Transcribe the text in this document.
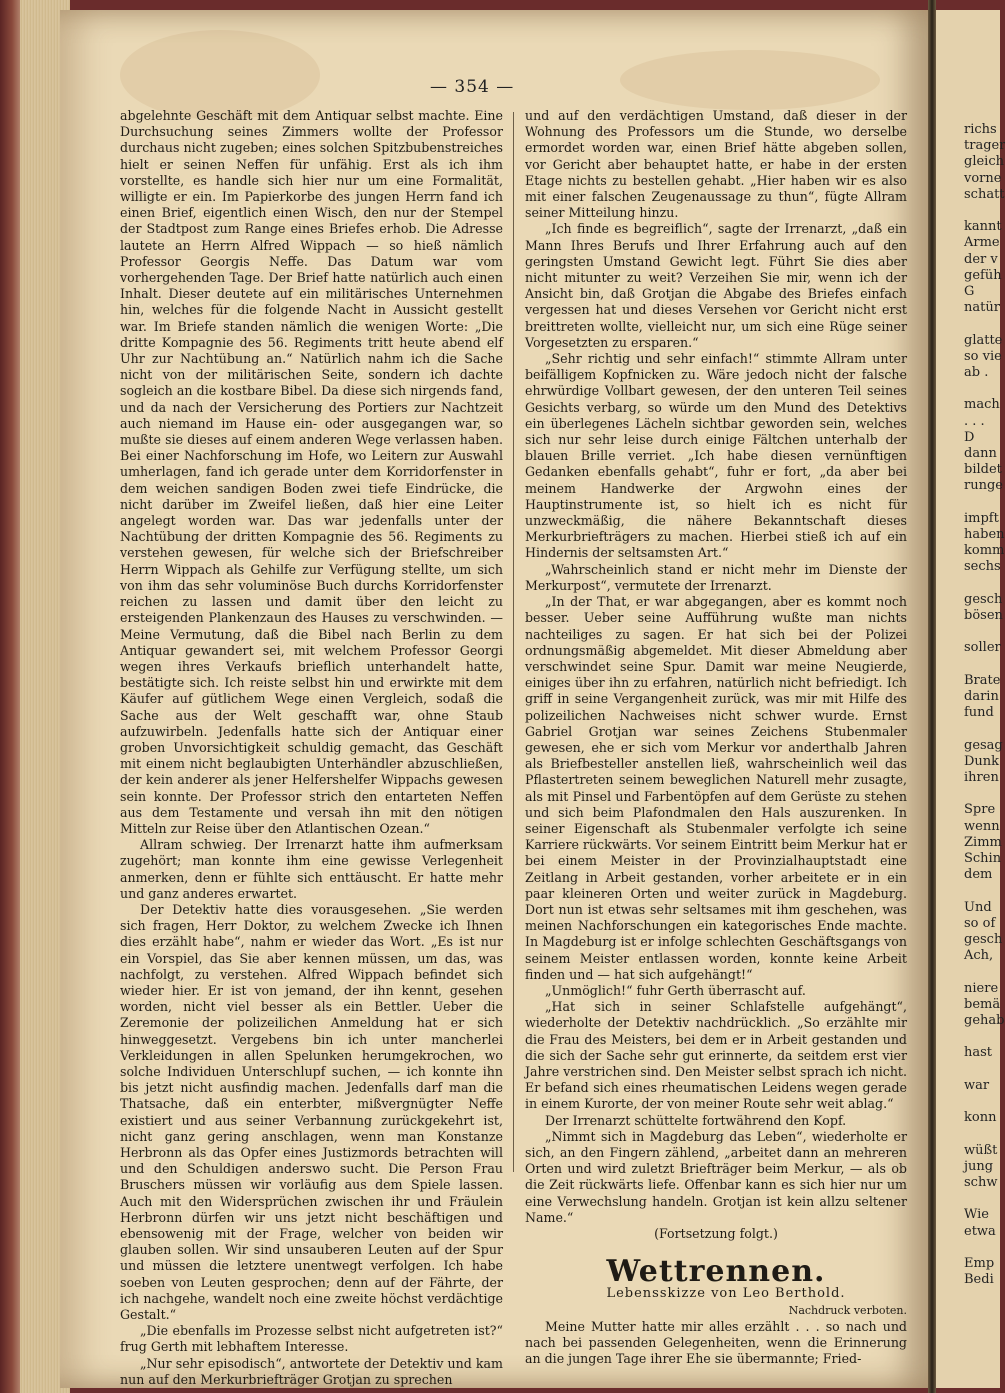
— 354 —

abgelehnte Geschäft mit dem Antiquar selbst machte. Eine Durchsuchung seines Zimmers wollte der Professor durchaus nicht zugeben; eines solchen Spitzbubenstreiches hielt er seinen Neffen für unfähig. Erst als ich ihm vorstellte, es handle sich hier nur um eine Formalität, willigte er ein. Im Papierkorbe des jungen Herrn fand ich einen Brief, eigentlich einen Wisch, den nur der Stempel der Stadtpost zum Range eines Briefes erhob. Die Adresse lautete an Herrn Alfred Wippach — so hieß nämlich Professor Georgis Neffe. Das Datum war vom vorhergehenden Tage. Der Brief hatte natürlich auch einen Inhalt. Dieser deutete auf ein militärisches Unternehmen hin, welches für die folgende Nacht in Aussicht gestellt war. Im Briefe standen nämlich die wenigen Worte: „Die dritte Kompagnie des 56. Regiments tritt heute abend elf Uhr zur Nachtübung an.“ Natürlich nahm ich die Sache nicht von der militärischen Seite, sondern ich dachte sogleich an die kostbare Bibel. Da diese sich nirgends fand, und da nach der Versicherung des Portiers zur Nachtzeit auch niemand im Hause ein- oder ausgegangen war, so mußte sie dieses auf einem anderen Wege verlassen haben. Bei einer Nachforschung im Hofe, wo Leitern zur Auswahl umherlagen, fand ich gerade unter dem Korridorfenster in dem weichen sandigen Boden zwei tiefe Eindrücke, die nicht darüber im Zweifel ließen, daß hier eine Leiter angelegt worden war. Das war jedenfalls unter der Nachtübung der dritten Kompagnie des 56. Regiments zu verstehen gewesen, für welche sich der Briefschreiber Herrn Wippach als Gehilfe zur Verfügung stellte, um sich von ihm das sehr voluminöse Buch durchs Korridorfenster reichen zu lassen und damit über den leicht zu ersteigenden Plankenzaun des Hauses zu verschwinden. — Meine Vermutung, daß die Bibel nach Berlin zu dem Antiquar gewandert sei, mit welchem Professor Georgi wegen ihres Verkaufs brieflich unterhandelt hatte, bestätigte sich. Ich reiste selbst hin und erwirkte mit dem Käufer auf gütlichem Wege einen Vergleich, sodaß die Sache aus der Welt geschafft war, ohne Staub aufzuwirbeln. Jedenfalls hatte sich der Antiquar einer groben Unvorsichtigkeit schuldig gemacht, das Geschäft mit einem nicht beglaubigten Unterhändler abzuschließen, der kein anderer als jener Helfershelfer Wippachs gewesen sein konnte. Der Professor strich den entarteten Neffen aus dem Testamente und versah ihn mit den nötigen Mitteln zur Reise über den Atlantischen Ozean.“

Allram schwieg. Der Irrenarzt hatte ihm aufmerksam zugehört; man konnte ihm eine gewisse Verlegenheit anmerken, denn er fühlte sich enttäuscht. Er hatte mehr und ganz anderes erwartet.

Der Detektiv hatte dies vorausgesehen. „Sie werden sich fragen, Herr Doktor, zu welchem Zwecke ich Ihnen dies erzählt habe“, nahm er wieder das Wort. „Es ist nur ein Vorspiel, das Sie aber kennen müssen, um das, was nachfolgt, zu verstehen. Alfred Wippach befindet sich wieder hier. Er ist von jemand, der ihn kennt, gesehen worden, nicht viel besser als ein Bettler. Ueber die Zeremonie der polizeilichen Anmeldung hat er sich hinweggesetzt. Vergebens bin ich unter mancherlei Verkleidungen in allen Spelunken herumgekrochen, wo solche Individuen Unterschlupf suchen, — ich konnte ihn bis jetzt nicht ausfindig machen. Jedenfalls darf man die Thatsache, daß ein enterbter, mißvergnügter Neffe existiert und aus seiner Verbannung zurückgekehrt ist, nicht ganz gering anschlagen, wenn man Konstanze Herbronn als das Opfer eines Justizmords betrachten will und den Schuldigen anderswo sucht. Die Person Frau Bruschers müssen wir vorläufig aus dem Spiele lassen. Auch mit den Widersprüchen zwischen ihr und Fräulein Herbronn dürfen wir uns jetzt nicht beschäftigen und ebensowenig mit der Frage, welcher von beiden wir glauben sollen. Wir sind unsauberen Leuten auf der Spur und müssen die letztere unentwegt verfolgen. Ich habe soeben von Leuten gesprochen; denn auf der Fährte, der ich nachgehe, wandelt noch eine zweite höchst verdächtige Gestalt.“

„Die ebenfalls im Prozesse selbst nicht aufgetreten ist?“ frug Gerth mit lebhaftem Interesse.

„Nur sehr episodisch“, antwortete der Detektiv und kam nun auf den Merkurbriefträger Grotjan zu sprechen

und auf den verdächtigen Umstand, daß dieser in der Wohnung des Professors um die Stunde, wo derselbe ermordet worden war, einen Brief hätte abgeben sollen, vor Gericht aber behauptet hatte, er habe in der ersten Etage nichts zu bestellen gehabt. „Hier haben wir es also mit einer falschen Zeugenaussage zu thun“, fügte Allram seiner Mitteilung hinzu.

„Ich finde es begreiflich“, sagte der Irrenarzt, „daß ein Mann Ihres Berufs und Ihrer Erfahrung auch auf den geringsten Umstand Gewicht legt. Führt Sie dies aber nicht mitunter zu weit? Verzeihen Sie mir, wenn ich der Ansicht bin, daß Grotjan die Abgabe des Briefes einfach vergessen hat und dieses Versehen vor Gericht nicht erst breittreten wollte, vielleicht nur, um sich eine Rüge seiner Vorgesetzten zu ersparen.“

„Sehr richtig und sehr einfach!“ stimmte Allram unter beifälligem Kopfnicken zu. Wäre jedoch nicht der falsche ehrwürdige Vollbart gewesen, der den unteren Teil seines Gesichts verbarg, so würde um den Mund des Detektivs ein überlegenes Lächeln sichtbar geworden sein, welches sich nur sehr leise durch einige Fältchen unterhalb der blauen Brille verriet. „Ich habe diesen vernünftigen Gedanken ebenfalls gehabt“, fuhr er fort, „da aber bei meinem Handwerke der Argwohn eines der Hauptinstrumente ist, so hielt ich es nicht für unzweckmäßig, die nähere Bekanntschaft dieses Merkurbriefträgers zu machen. Hierbei stieß ich auf ein Hindernis der seltsamsten Art.“

„Wahrscheinlich stand er nicht mehr im Dienste der Merkurpost“, vermutete der Irrenarzt.

„In der That, er war abgegangen, aber es kommt noch besser. Ueber seine Aufführung wußte man nichts nachteiliges zu sagen. Er hat sich bei der Polizei ordnungsmäßig abgemeldet. Mit dieser Abmeldung aber verschwindet seine Spur. Damit war meine Neugierde, einiges über ihn zu erfahren, natürlich nicht befriedigt. Ich griff in seine Vergangenheit zurück, was mir mit Hilfe des polizeilichen Nachweises nicht schwer wurde. Ernst Gabriel Grotjan war seines Zeichens Stubenmaler gewesen, ehe er sich vom Merkur vor anderthalb Jahren als Briefbesteller anstellen ließ, wahrscheinlich weil das Pflastertreten seinem beweglichen Naturell mehr zusagte, als mit Pinsel und Farbentöpfen auf dem Gerüste zu stehen und sich beim Plafondmalen den Hals auszurenken. In seiner Eigenschaft als Stubenmaler verfolgte ich seine Karriere rückwärts. Vor seinem Eintritt beim Merkur hat er bei einem Meister in der Provinzialhauptstadt eine Zeitlang in Arbeit gestanden, vorher arbeitete er in ein paar kleineren Orten und weiter zurück in Magdeburg. Dort nun ist etwas sehr seltsames mit ihm geschehen, was meinen Nachforschungen ein kategorisches Ende machte. In Magdeburg ist er infolge schlechten Geschäftsgangs von seinem Meister entlassen worden, konnte keine Arbeit finden und — hat sich aufgehängt!“

„Unmöglich!“ fuhr Gerth überrascht auf.

„Hat sich in seiner Schlafstelle aufgehängt“, wiederholte der Detektiv nachdrücklich. „So erzählte mir die Frau des Meisters, bei dem er in Arbeit gestanden und die sich der Sache sehr gut erinnerte, da seitdem erst vier Jahre verstrichen sind. Den Meister selbst sprach ich nicht. Er befand sich eines rheumatischen Leidens wegen gerade in einem Kurorte, der von meiner Route sehr weit ablag.“

Der Irrenarzt schüttelte fortwährend den Kopf.

„Nimmt sich in Magdeburg das Leben“, wiederholte er sich, an den Fingern zählend, „arbeitet dann an mehreren Orten und wird zuletzt Briefträger beim Merkur, — als ob die Zeit rückwärts liefe. Offenbar kann es sich hier nur um eine Verwechslung handeln. Grotjan ist kein allzu seltener Name.“

(Fortsetzung folgt.)

Wettrennen.

Lebensskizze von Leo Berthold.

Nachdruck verboten.

Meine Mutter hatte mir alles erzählt . . . so nach und nach bei passenden Gelegenheiten, wenn die Erinnerung an die jungen Tage ihrer Ehe sie übermannte; Fried-

richs
trager
gleich
vorne
schatt
kannt
Arme
der v
gefüh
G
natür
glatte
so vie
ab .
mach
. . .
D
dann
bildet
runge
impft
haben
komm
sechs
gesch
bösen
soller
Brate
darin
fund
gesag
Dunk
ihren
Spre
wenn
Zimm
Schin
dem
Und
so of
gesch
Ach,
niere
bemä
gehab
hast
war
konn
wüßt
jung
schw
Wie
etwa
Emp
Bedi
